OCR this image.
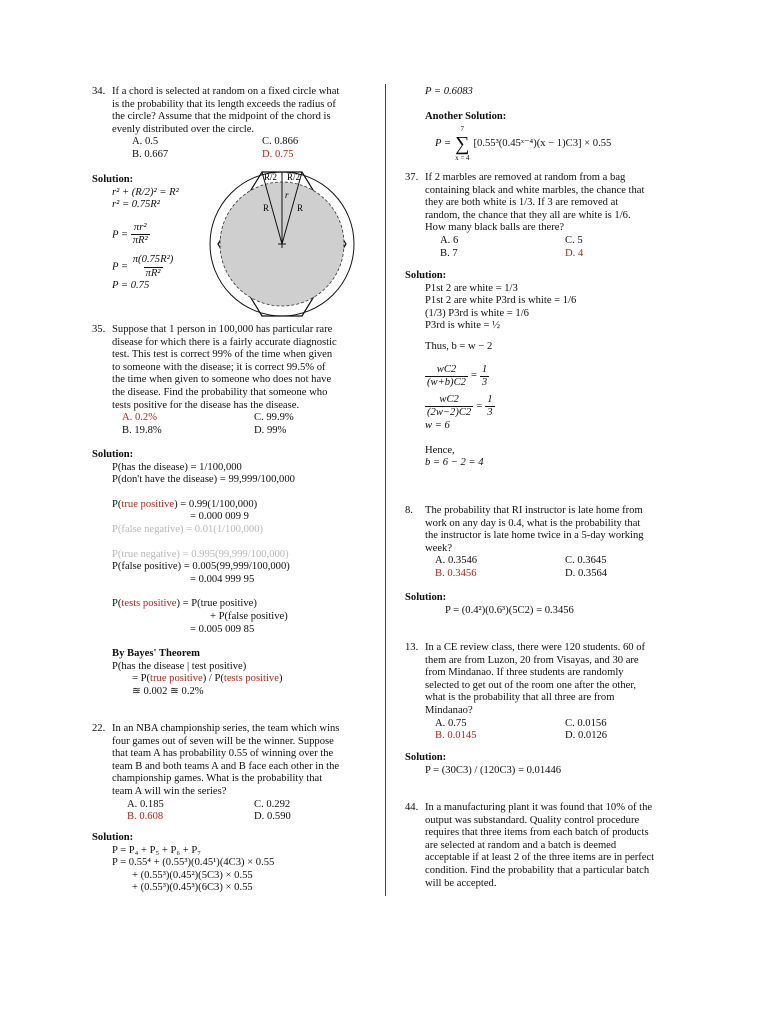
34. If a chord is selected at random on a fixed circle what
is the probability that its length exceeds the radius of
the circle? Assume that the midpoint of the chord is
evenly distributed over the circle.
A. 0.5	C. 0.866
B. 0.667	D. 0.75
Solution:
r² + (R/2)² = R²
r² = 0.75R²
$P = \frac{\text{πr²}}{\text{πR²}}$
$P = \frac{\text{π(0.75R²)}}{\text{πR²}}$
P = 0.75
R/2 R/2
R	R
r
35. Suppose that 1 person in 100,000 has particular rare
disease for which there is a fairly accurate diagnostic
test. This test is correct 99% of the time when given
to someone with the disease; it is correct 99.5% of
the time when given to someone who does not have
the disease. Find the probability that someone who
tests positive for the disease has the disease.
A. 0.2%	C. 99.9%
B. 19.8%	D. 99%
Solution:
P(has the disease) = 1/100,000
P(don't have the disease) = 99,999/100,000
P(true positive) = 0.99(1/100,000)
= 0.000 009 9
P(false negative) = 0.01(1/100,000)
P(true negative) = 0.995(99,999/100,000)
P(false positive) = 0.005(99,999/100,000)
= 0.004 999 95
P(tests positive) = P(true positive)
+ P(false positive)
= 0.005 009 85
By Bayes' Theorem
P(has the disease | test positive)
= P(true positive) / P(tests positive)
≊ 0.002 ≊ 0.2%
22. In an NBA championship series, the team which wins
four games out of seven will be the winner. Suppose
that team A has probability 0.55 of winning over the
team B and both teams A and B face each other in the
championship games. What is the probability that
team A will win the series?
A. 0.185	C. 0.292
B. 0.608	D. 0.590
Solution:
P = P₄ + P₅ + P₆ + P₇
P = 0.55⁴ + (0.55³)(0.45¹)(4C3) × 0.55
+ (0.55³)(0.45²)(5C3) × 0.55
+ (0.55³)(0.45³)(6C3) × 0.55
P = 0.6083
Another Solution:
P =
7
∑
x = 4
[0.55³(0.45ˣ⁻⁴)(x − 1)C3] × 0.55
37. If 2 marbles are removed at random from a bag
containing black and white marbles, the chance that
they are both white is 1/3. If 3 are removed at
random, the chance that they all are white is 1/6.
How many black balls are there?
A. 6	C. 5
B. 7	D. 4
Solution:
P1st 2 are white = 1/3
P1st 2 are white P3rd is white = 1/6
(1/3) P3rd is white = 1/6
P3rd is white = ½
Thus, b = w − 2
$\frac{wC2}{(w+b)C2} = \frac{1}{3}$
$\frac{wC2}{(2w-2)C2} = \frac{1}{3}$
w = 6
Hence,
b = 6 − 2 = 4
8. The probability that RI instructor is late home from
work on any day is 0.4, what is the probability that
the instructor is late home twice in a 5-day working
week?
A. 0.3546	C. 0.3645
B. 0.3456	D. 0.3564
Solution:
P = (0.4²)(0.6³)(5C2) = 0.3456
13. In a CE review class, there were 120 students. 60 of
them are from Luzon, 20 from Visayas, and 30 are
from Mindanao. If three students are randomly
selected to get out of the room one after the other,
what is the probability that all three are from
Mindanao?
A. 0.75	C. 0.0156
B. 0.0145	D. 0.0126
Solution:
P = (30C3) / (120C3) = 0.01446
44. In a manufacturing plant it was found that 10% of the
output was substandard. Quality control procedure
requires that three items from each batch of products
are selected at random and a batch is deemed
acceptable if at least 2 of the three items are in perfect
condition. Find the probability that a particular batch
will be accepted.
